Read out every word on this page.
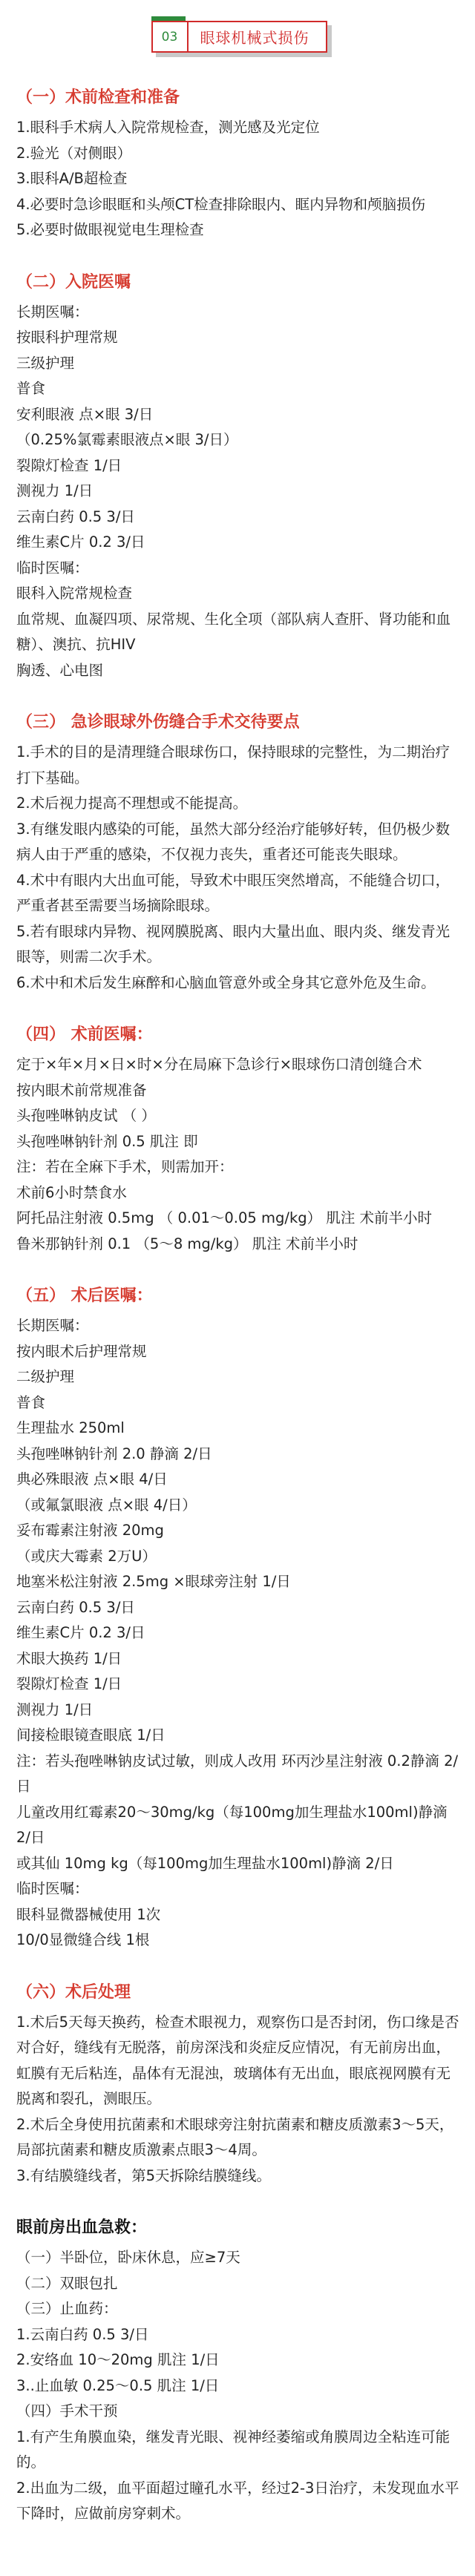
03	眼球机械式损伤
（一）术前检查和准备

1.眼科手术病人入院常规检查，测光感及光定位

2.验光（对侧眼）

3.眼科A/B超检查

4.必要时急诊眼眶和头颅CT检查排除眼内、眶内异物和颅脑损伤

5.必要时做眼视觉电生理检查

（二）入院医嘱

长期医嘱：

按眼科护理常规

三级护理

普食

安利眼液 点×眼 3/日

（0.25%氯霉素眼液点×眼 3/日）

裂隙灯检查 1/日

测视力 1/日

云南白药 0.5 3/日

维生素C片 0.2 3/日

临时医嘱：

眼科入院常规检查

血常规、血凝四项、尿常规、生化全项（部队病人查肝、肾功能和血糖）、澳抗、抗HIV

胸透、心电图

（三） 急诊眼球外伤缝合手术交待要点

1.手术的目的是清理缝合眼球伤口，保持眼球的完整性，为二期治疗打下基础。

2.术后视力提高不理想或不能提高。

3.有继发眼内感染的可能，虽然大部分经治疗能够好转，但仍极少数病人由于严重的感染，不仅视力丧失，重者还可能丧失眼球。

4.术中有眼内大出血可能，导致术中眼压突然增高，不能缝合切口，严重者甚至需要当场摘除眼球。

5.若有眼球内异物、视网膜脱离、眼内大量出血、眼内炎、继发青光眼等，则需二次手术。

6.术中和术后发生麻醉和心脑血管意外或全身其它意外危及生命。

（四） 术前医嘱：

定于×年×月×日×时×分在局麻下急诊行×眼球伤口清创缝合术

按内眼术前常规准备

头孢唑啉钠皮试 （ ）

头孢唑啉钠针剂 0.5 肌注 即

注：若在全麻下手术，则需加开：

术前6小时禁食水

阿托品注射液 0.5mg （ 0.01～0.05 mg/kg） 肌注 术前半小时

鲁米那钠针剂 0.1 （5～8 mg/kg） 肌注 术前半小时

（五） 术后医嘱：

长期医嘱：

按内眼术后护理常规

二级护理

普食

生理盐水 250ml

头孢唑啉钠针剂 2.0 静滴 2/日

典必殊眼液 点×眼 4/日

（或氟氯眼液 点×眼 4/日）

妥布霉素注射液 20mg

（或庆大霉素 2万U）

地塞米松注射液 2.5mg ×眼球旁注射 1/日

云南白药 0.5 3/日

维生素C片 0.2 3/日

术眼大换药 1/日

裂隙灯检查 1/日

测视力 1/日

间接检眼镜查眼底 1/日

注：若头孢唑啉钠皮试过敏，则成人改用 环丙沙星注射液 0.2静滴 2/日

儿童改用红霉素20～30mg/kg（每100mg加生理盐水100ml)静滴 2/日

或其仙 10mg kg（每100mg加生理盐水100ml)静滴 2/日

临时医嘱：

眼科显微器械使用 1次

10/0显微缝合线 1根

（六）术后处理

1.术后5天每天换药，检查术眼视力，观察伤口是否封闭，伤口缘是否对合好，缝线有无脱落，前房深浅和炎症反应情况，有无前房出血，虹膜有无后粘连，晶体有无混浊，玻璃体有无出血，眼底视网膜有无脱离和裂孔，测眼压。

2.术后全身使用抗菌素和术眼球旁注射抗菌素和糖皮质激素3～5天，局部抗菌素和糖皮质激素点眼3～4周。

3.有结膜缝线者，第5天拆除结膜缝线。

眼前房出血急救：

（一）半卧位，卧床休息，应≥7天

（二）双眼包扎

（三）止血药：

1.云南白药 0.5 3/日

2.安络血 10～20mg 肌注 1/日

3..止血敏 0.25～0.5 肌注 1/日

（四）手术干预

1.有产生角膜血染，继发青光眼、视神经萎缩或角膜周边全粘连可能的。

2.出血为二级，血平面超过瞳孔水平，经过2-3日治疗，未发现血水平下降时，应做前房穿刺术。
